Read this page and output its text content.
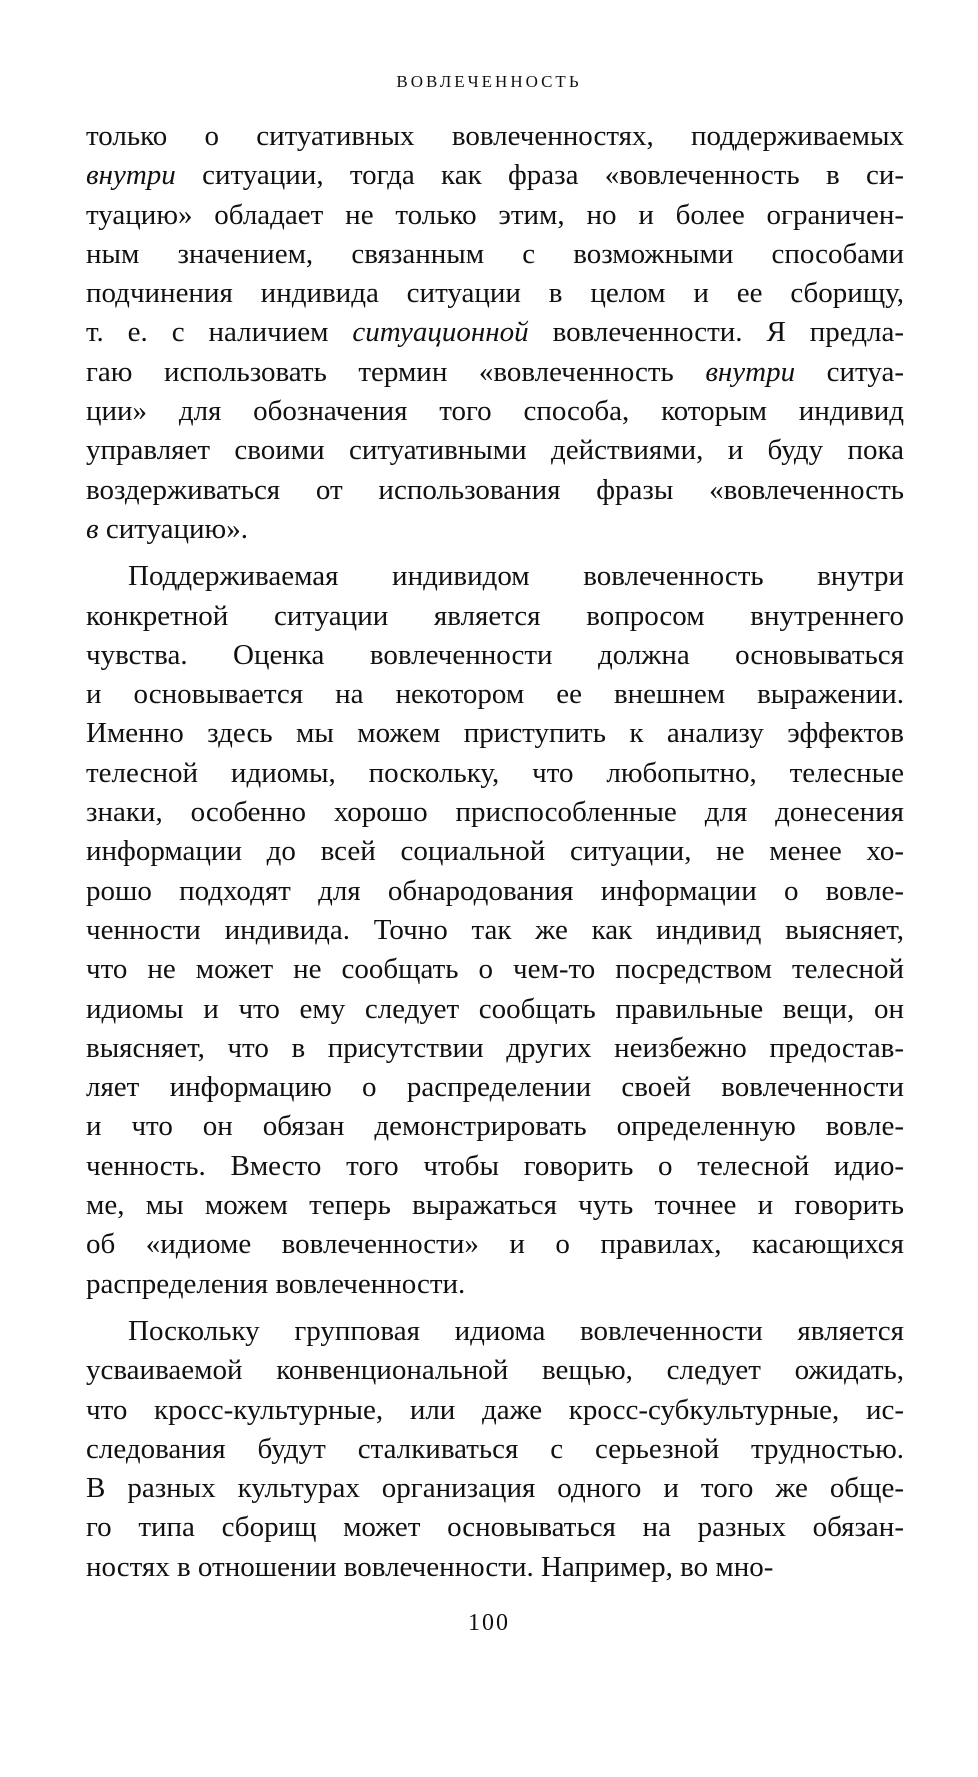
ВОВЛЕЧЕННОСТЬ
только о ситуативных вовлеченностях, поддерживаемых
внутри ситуации, тогда как фраза «вовлеченность в си-
туацию» обладает не только этим, но и более ограничен-
ным значением, связанным с возможными способами
подчинения индивида ситуации в целом и ее сборищу,
т. е. с наличием ситуационной вовлеченности. Я предла-
гаю использовать термин «вовлеченность внутри ситуа-
ции» для обозначения того способа, которым индивид
управляет своими ситуативными действиями, и буду пока
воздерживаться от использования фразы «вовлеченность
в ситуацию».
Поддерживаемая индивидом вовлеченность внутри
конкретной ситуации является вопросом внутреннего
чувства. Оценка вовлеченности должна основываться
и основывается на некотором ее внешнем выражении.
Именно здесь мы можем приступить к анализу эффектов
телесной идиомы, поскольку, что любопытно, телесные
знаки, особенно хорошо приспособленные для донесения
информации до всей социальной ситуации, не менее хо-
рошо подходят для обнародования информации о вовле-
ченности индивида. Точно так же как индивид выясняет,
что не может не сообщать о чем-то посредством телесной
идиомы и что ему следует сообщать правильные вещи, он
выясняет, что в присутствии других неизбежно предостав-
ляет информацию о распределении своей вовлеченности
и что он обязан демонстрировать определенную вовле-
ченность. Вместо того чтобы говорить о телесной идио-
ме, мы можем теперь выражаться чуть точнее и говорить
об «идиоме вовлеченности» и о правилах, касающихся
распределения вовлеченности.
Поскольку групповая идиома вовлеченности является
усваиваемой конвенциональной вещью, следует ожидать,
что кросс-культурные, или даже кросс-субкультурные, ис-
следования будут сталкиваться с серьезной трудностью.
В разных культурах организация одного и того же обще-
го типа сборищ может основываться на разных обязан-
ностях в отношении вовлеченности. Например, во мно-
100
